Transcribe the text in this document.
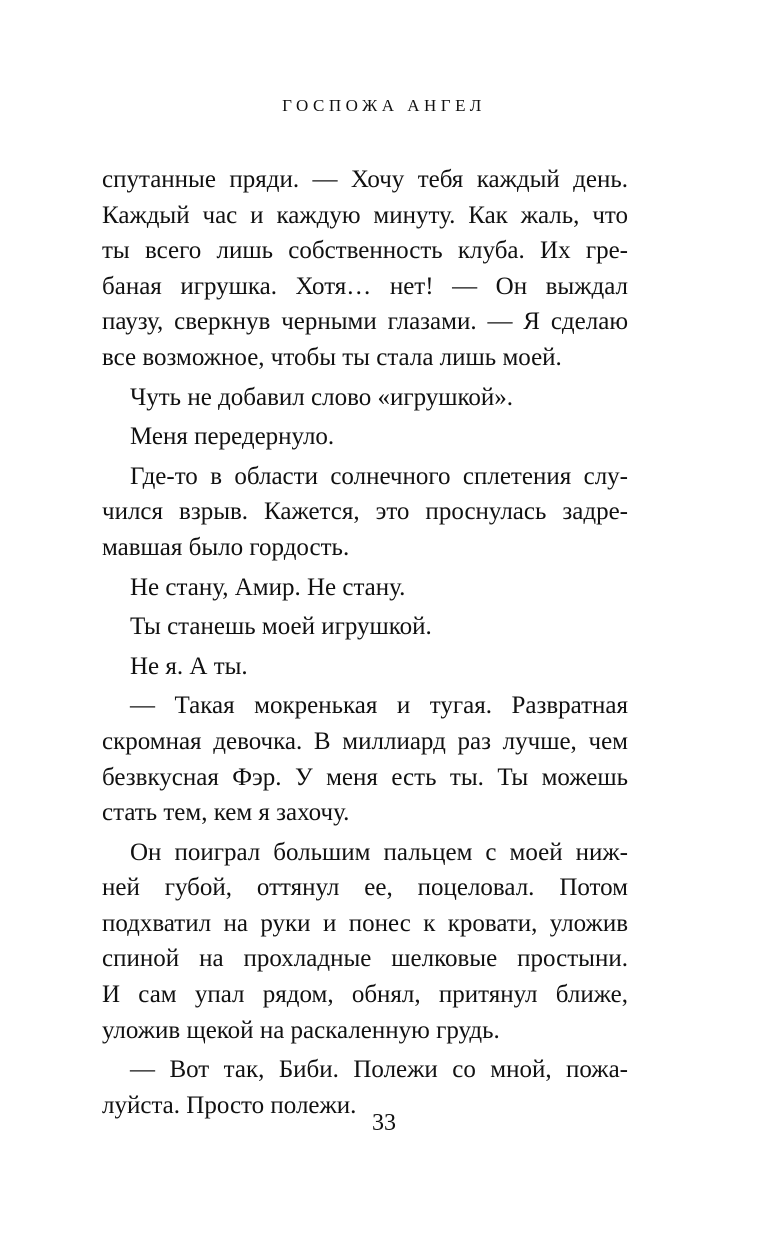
ГОСПОЖА АНГЕЛ
спутанные пряди. — Хочу тебя каждый день.
Каждый час и каждую минуту. Как жаль, что
ты всего лишь собственность клуба. Их гре-
баная игрушка. Хотя… нет! — Он выждал
паузу, сверкнув черными глазами. — Я сделаю
все возможное, чтобы ты стала лишь моей.
Чуть не добавил слово «игрушкой».
Меня передернуло.
Где-то в области солнечного сплетения слу-
чился взрыв. Кажется, это проснулась задре-
мавшая было гордость.
Не стану, Амир. Не стану.
Ты станешь моей игрушкой.
Не я. А ты.
— Такая мокренькая и тугая. Развратная
скромная девочка. В миллиард раз лучше, чем
безвкусная Фэр. У меня есть ты. Ты можешь
стать тем, кем я захочу.
Он поиграл большим пальцем с моей ниж-
ней губой, оттянул ее, поцеловал. Потом
подхватил на руки и понес к кровати, уложив
спиной на прохладные шелковые простыни.
И сам упал рядом, обнял, притянул ближе,
уложив щекой на раскаленную грудь.
— Вот так, Биби. Полежи со мной, пожа-
луйста. Просто полежи.
33
